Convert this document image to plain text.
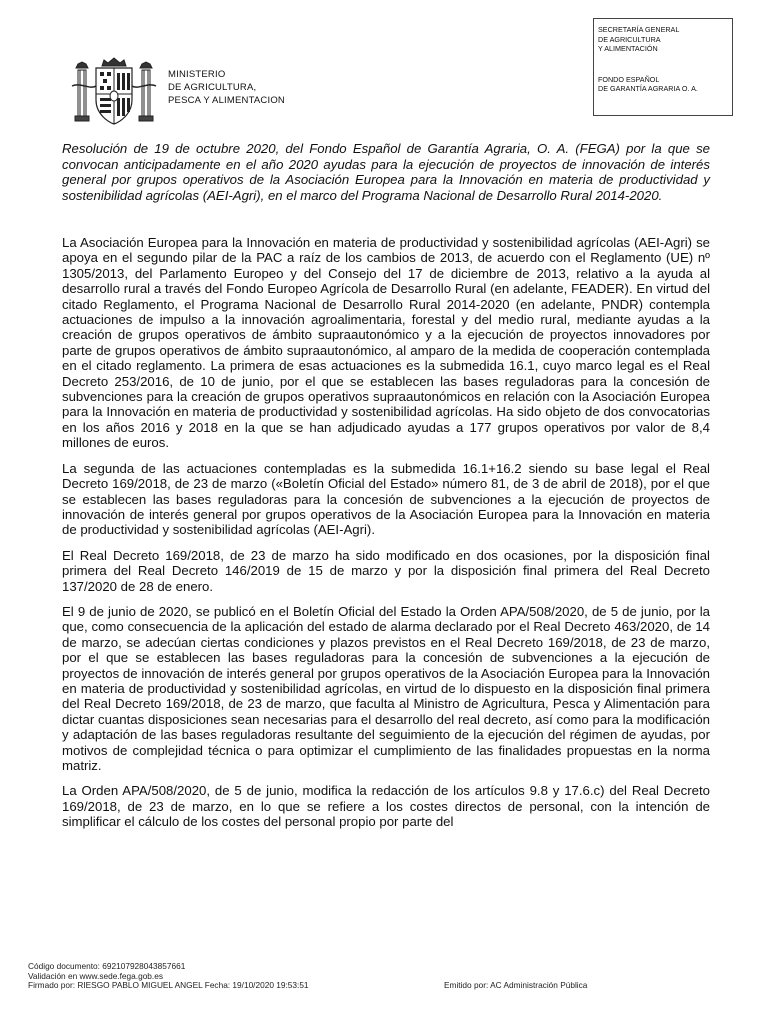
MINISTERIO
DE AGRICULTURA,
PESCA Y ALIMENTACION
SECRETARÍA GENERAL
DE AGRICULTURA
Y ALIMENTACIÓN
FONDO ESPAÑOL
DE GARANTÍA AGRARIA O. A.
Resolución de 19 de octubre 2020, del Fondo Español de Garantía Agraria, O. A. (FEGA) por la que se convocan anticipadamente en el año 2020 ayudas para la ejecución de proyectos de innovación de interés general por grupos operativos de la Asociación Europea para la Innovación en materia de productividad y sostenibilidad agrícolas (AEI-Agri), en el marco del Programa Nacional de Desarrollo Rural 2014-2020.

La Asociación Europea para la Innovación en materia de productividad y sostenibilidad agrícolas (AEI-Agri) se apoya en el segundo pilar de la PAC a raíz de los cambios de 2013, de acuerdo con el Reglamento (UE) nº 1305/2013, del Parlamento Europeo y del Consejo del 17 de diciembre de 2013, relativo a la ayuda al desarrollo rural a través del Fondo Europeo Agrícola de Desarrollo Rural (en adelante, FEADER). En virtud del citado Reglamento, el Programa Nacional de Desarrollo Rural 2014-2020 (en adelante, PNDR) contempla actuaciones de impulso a la innovación agroalimentaria, forestal y del medio rural, mediante ayudas a la creación de grupos operativos de ámbito supraautonómico y a la ejecución de proyectos innovadores por parte de grupos operativos de ámbito supraautonómico, al amparo de la medida de cooperación contemplada en el citado reglamento. La primera de esas actuaciones es la submedida 16.1, cuyo marco legal es el Real Decreto 253/2016, de 10 de junio, por el que se establecen las bases reguladoras para la concesión de subvenciones para la creación de grupos operativos supraautonómicos en relación con la Asociación Europea para la Innovación en materia de productividad y sostenibilidad agrícolas. Ha sido objeto de dos convocatorias en los años 2016 y 2018 en la que se han adjudicado ayudas a 177 grupos operativos por valor de 8,4 millones de euros.

La segunda de las actuaciones contempladas es la submedida 16.1+16.2 siendo su base legal el Real Decreto 169/2018, de 23 de marzo («Boletín Oficial del Estado» número 81, de 3 de abril de 2018), por el que se establecen las bases reguladoras para la concesión de subvenciones a la ejecución de proyectos de innovación de interés general por grupos operativos de la Asociación Europea para la Innovación en materia de productividad y sostenibilidad agrícolas (AEI-Agri).

El Real Decreto 169/2018, de 23 de marzo ha sido modificado en dos ocasiones, por la disposición final primera del Real Decreto 146/2019 de 15 de marzo y por la disposición final primera del Real Decreto 137/2020 de 28 de enero.

El 9 de junio de 2020, se publicó en el Boletín Oficial del Estado la Orden APA/508/2020, de 5 de junio, por la que, como consecuencia de la aplicación del estado de alarma declarado por el Real Decreto 463/2020, de 14 de marzo, se adecúan ciertas condiciones y plazos previstos en el Real Decreto 169/2018, de 23 de marzo, por el que se establecen las bases reguladoras para la concesión de subvenciones a la ejecución de proyectos de innovación de interés general por grupos operativos de la Asociación Europea para la Innovación en materia de productividad y sostenibilidad agrícolas, en virtud de lo dispuesto en la disposición final primera del Real Decreto 169/2018, de 23 de marzo, que faculta al Ministro de Agricultura, Pesca y Alimentación para dictar cuantas disposiciones sean necesarias para el desarrollo del real decreto, así como para la modificación y adaptación de las bases reguladoras resultante del seguimiento de la ejecución del régimen de ayudas, por motivos de complejidad técnica o para optimizar el cumplimiento de las finalidades propuestas en la norma matriz.

La Orden APA/508/2020, de 5 de junio, modifica la redacción de los artículos 9.8 y 17.6.c) del Real Decreto 169/2018, de 23 de marzo, en lo que se refiere a los costes directos de personal, con la intención de simplificar el cálculo de los costes del personal propio por parte del

Código documento: 692107928043857661
Validación en www.sede.fega.gob.es
Firmado por: RIESGO PABLO MIGUEL ANGEL Fecha: 19/10/2020 19:53:51	Emitido por: AC Administración Pública
